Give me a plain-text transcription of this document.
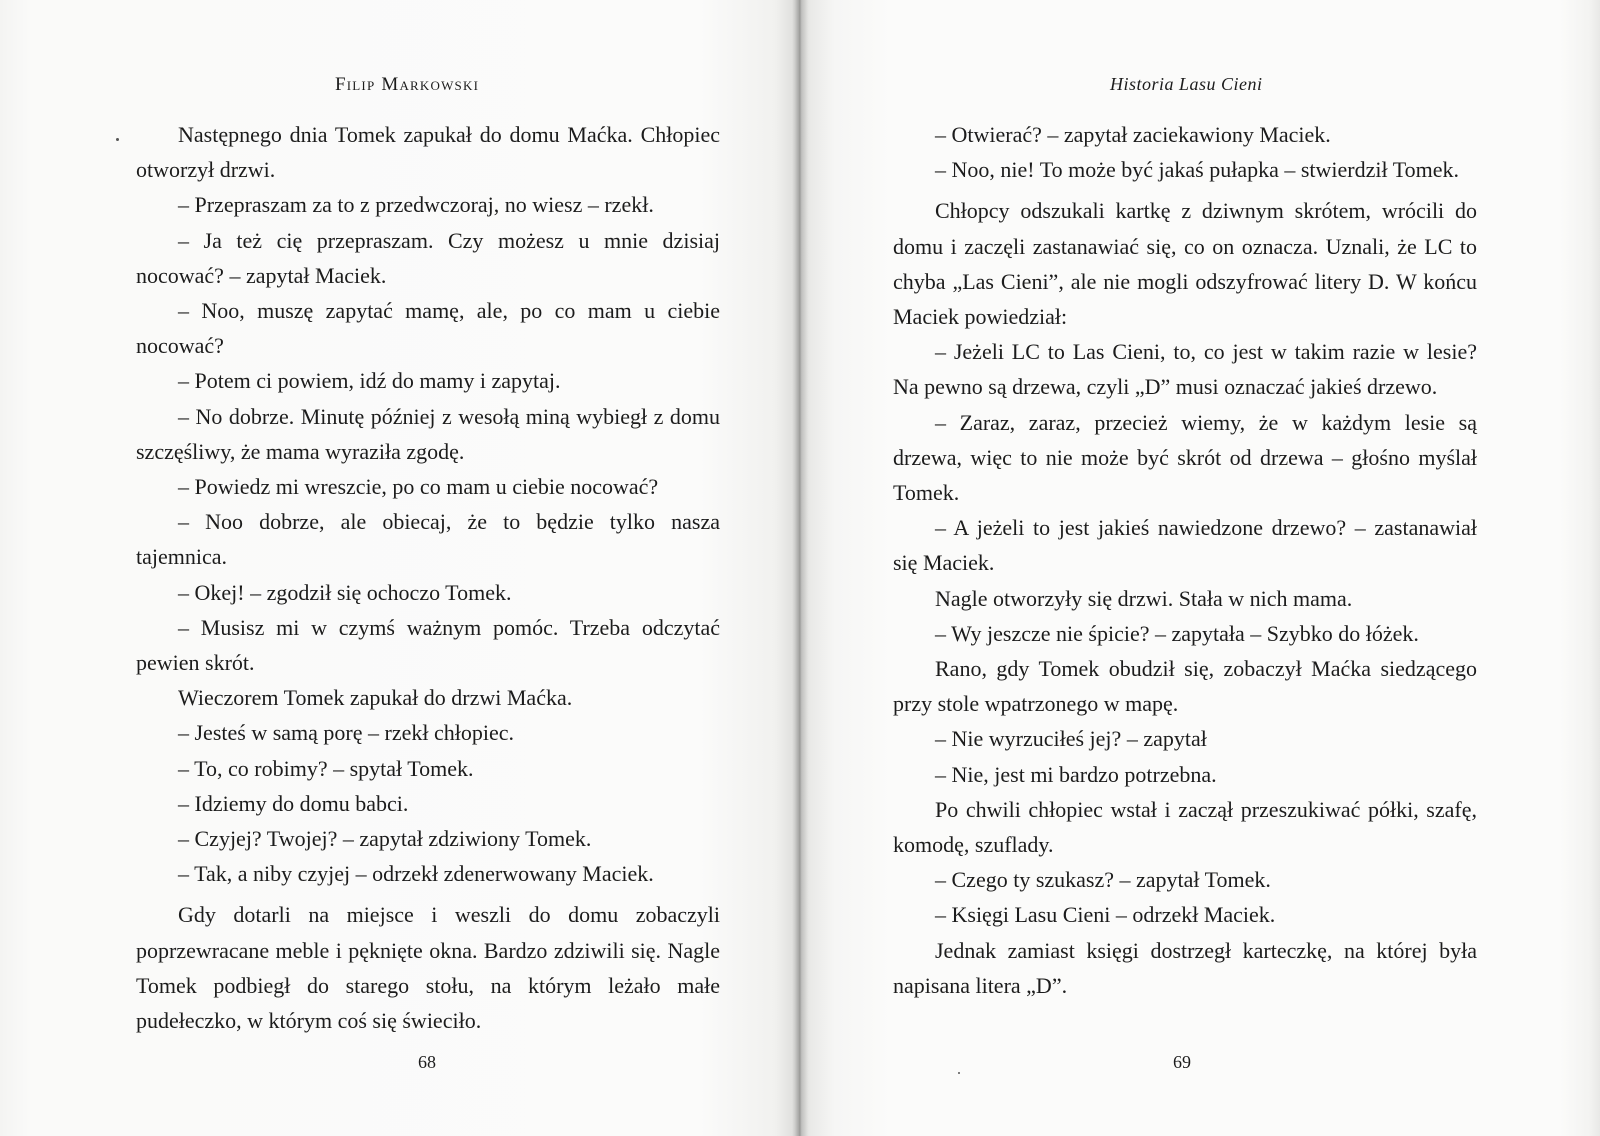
Filip Markowski

Następnego dnia Tomek zapukał do domu Maćka. Chłopiec otworzył drzwi.

– Przepraszam za to z przedwczoraj, no wiesz – rzekł.

– Ja też cię przepraszam. Czy możesz u mnie dzisiaj nocować? – zapytał Maciek.

– Noo, muszę zapytać mamę, ale, po co mam u ciebie nocować?

– Potem ci powiem, idź do mamy i zapytaj.

– No dobrze. Minutę później z wesołą miną wybiegł z domu szczęśliwy, że mama wyraziła zgodę.

– Powiedz mi wreszcie, po co mam u ciebie nocować?

– Noo dobrze, ale obiecaj, że to będzie tylko nasza tajemnica.

– Okej! – zgodził się ochoczo Tomek.

– Musisz mi w czymś ważnym pomóc. Trzeba odczytać pewien skrót.

Wieczorem Tomek zapukał do drzwi Maćka.

– Jesteś w samą porę – rzekł chłopiec.

– To, co robimy? – spytał Tomek.

– Idziemy do domu babci.

– Czyjej? Twojej? – zapytał zdziwiony Tomek.

– Tak, a niby czyjej – odrzekł zdenerwowany Maciek.

Gdy dotarli na miejsce i weszli do domu zobaczyli poprzewracane meble i pęknięte okna. Bardzo zdziwili się. Nagle Tomek podbiegł do starego stołu, na którym leżało małe pudełeczko, w którym coś się świeciło.

68
Historia Lasu Cieni

– Otwierać? – zapytał zaciekawiony Maciek.

– Noo, nie! To może być jakaś pułapka – stwierdził Tomek.

Chłopcy odszukali kartkę z dziwnym skrótem, wrócili do domu i zaczęli zastanawiać się, co on oznacza. Uznali, że LC to chyba „Las Cieni”, ale nie mogli odszyfrować litery D. W końcu Maciek powiedział:

– Jeżeli LC to Las Cieni, to, co jest w takim razie w lesie? Na pewno są drzewa, czyli „D” musi oznaczać jakieś drzewo.

– Zaraz, zaraz, przecież wiemy, że w każdym lesie są drzewa, więc to nie może być skrót od drzewa – głośno myślał Tomek.

– A jeżeli to jest jakieś nawiedzone drzewo? – zastanawiał się Maciek.

Nagle otworzyły się drzwi. Stała w nich mama.

– Wy jeszcze nie śpicie? – zapytała – Szybko do łóżek.

Rano, gdy Tomek obudził się, zobaczył Maćka siedzącego przy stole wpatrzonego w mapę.

– Nie wyrzuciłeś jej? – zapytał

– Nie, jest mi bardzo potrzebna.

Po chwili chłopiec wstał i zaczął przeszukiwać półki, szafę, komodę, szuflady.

– Czego ty szukasz? – zapytał Tomek.

– Księgi Lasu Cieni – odrzekł Maciek.

Jednak zamiast księgi dostrzegł karteczkę, na której była napisana litera „D”.

69
